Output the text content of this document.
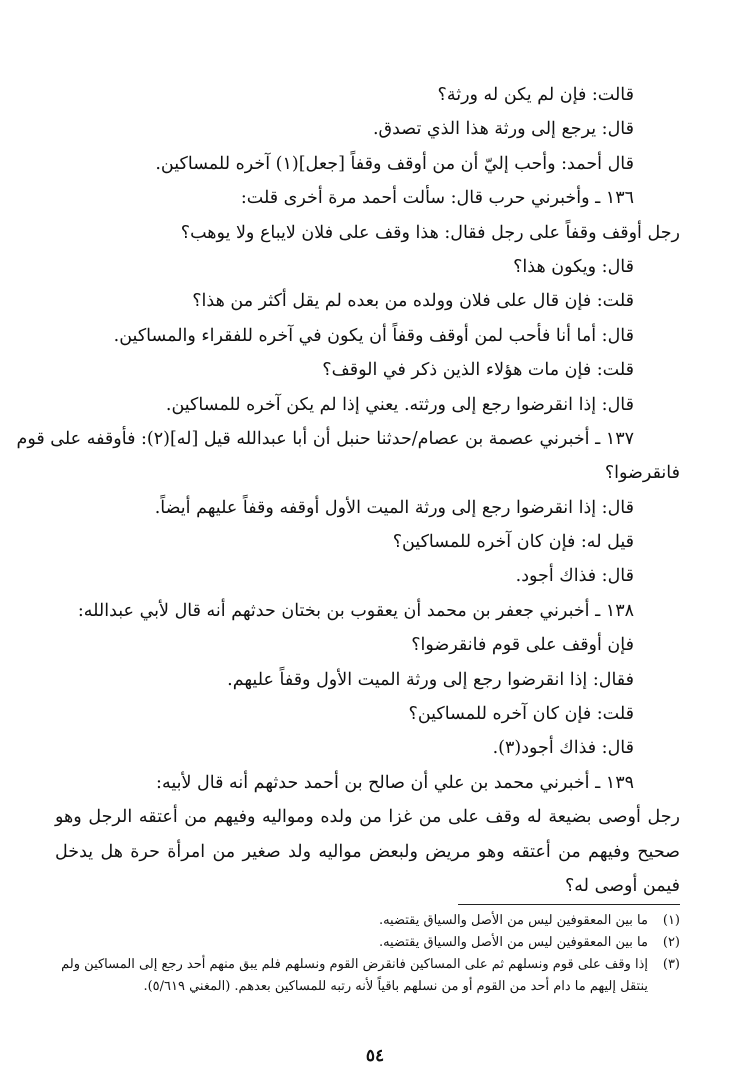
قالت: فإن لم يكن له ورثة؟
قال: يرجع إلى ورثة هذا الذي تصدق.
قال أحمد: وأحب إليّ أن من أوقف وقفاً [جعل](١) آخره للمساكين.
١٣٦ ـ وأخبرني حرب قال: سألت أحمد مرة أخرى قلت:
رجل أوقف وقفاً على رجل فقال: هذا وقف على فلان لايباع ولا يوهب؟
قال: ويكون هذا؟
قلت: فإن قال على فلان وولده من بعده لم يقل أكثر من هذا؟
قال: أما أنا فأحب لمن أوقف وقفاً أن يكون في آخره للفقراء والمساكين.
قلت: فإن مات هؤلاء الذين ذكر في الوقف؟
قال: إذا انقرضوا رجع إلى ورثته. يعني إذا لم يكن آخره للمساكين.
١٣٧ ـ أخبرني عصمة بن عصام/حدثنا حنبل أن أبا عبدالله قيل [له](٢): فأوقفه على قوم
فانقرضوا؟
قال: إذا انقرضوا رجع إلى ورثة الميت الأول أوقفه وقفاً عليهم أيضاً.
قيل له: فإن كان آخره للمساكين؟
قال: فذاك أجود.
١٣٨ ـ أخبرني جعفر بن محمد أن يعقوب بن بختان حدثهم أنه قال لأبي عبدالله:
فإن أوقف على قوم فانقرضوا؟
فقال: إذا انقرضوا رجع إلى ورثة الميت الأول وقفاً عليهم.
قلت: فإن كان آخره للمساكين؟
قال: فذاك أجود(٣).
١٣٩ ـ أخبرني محمد بن علي أن صالح بن أحمد حدثهم أنه قال لأبيه:
رجل أوصى بضيعة له وقف على من غزا من ولده ومواليه وفيهم من أعتقه الرجل وهو صحيح وفيهم من أعتقه وهو مريض ولبعض مواليه ولد صغير من امرأة حرة هل يدخل فيمن أوصى له؟
(١)
ما بين المعقوفين ليس من الأصل والسياق يقتضيه.
(٢)
ما بين المعقوفين ليس من الأصل والسياق يقتضيه.
(٣)
إذا وقف على قوم ونسلهم ثم على المساكين فانقرض القوم ونسلهم فلم يبق منهم أحد رجع إلى المساكين ولم
ينتقل إليهم ما دام أحد من القوم أو من نسلهم باقياً لأنه رتبه للمساكين بعدهم. (المغني ٥/٦١٩).
٥٤
